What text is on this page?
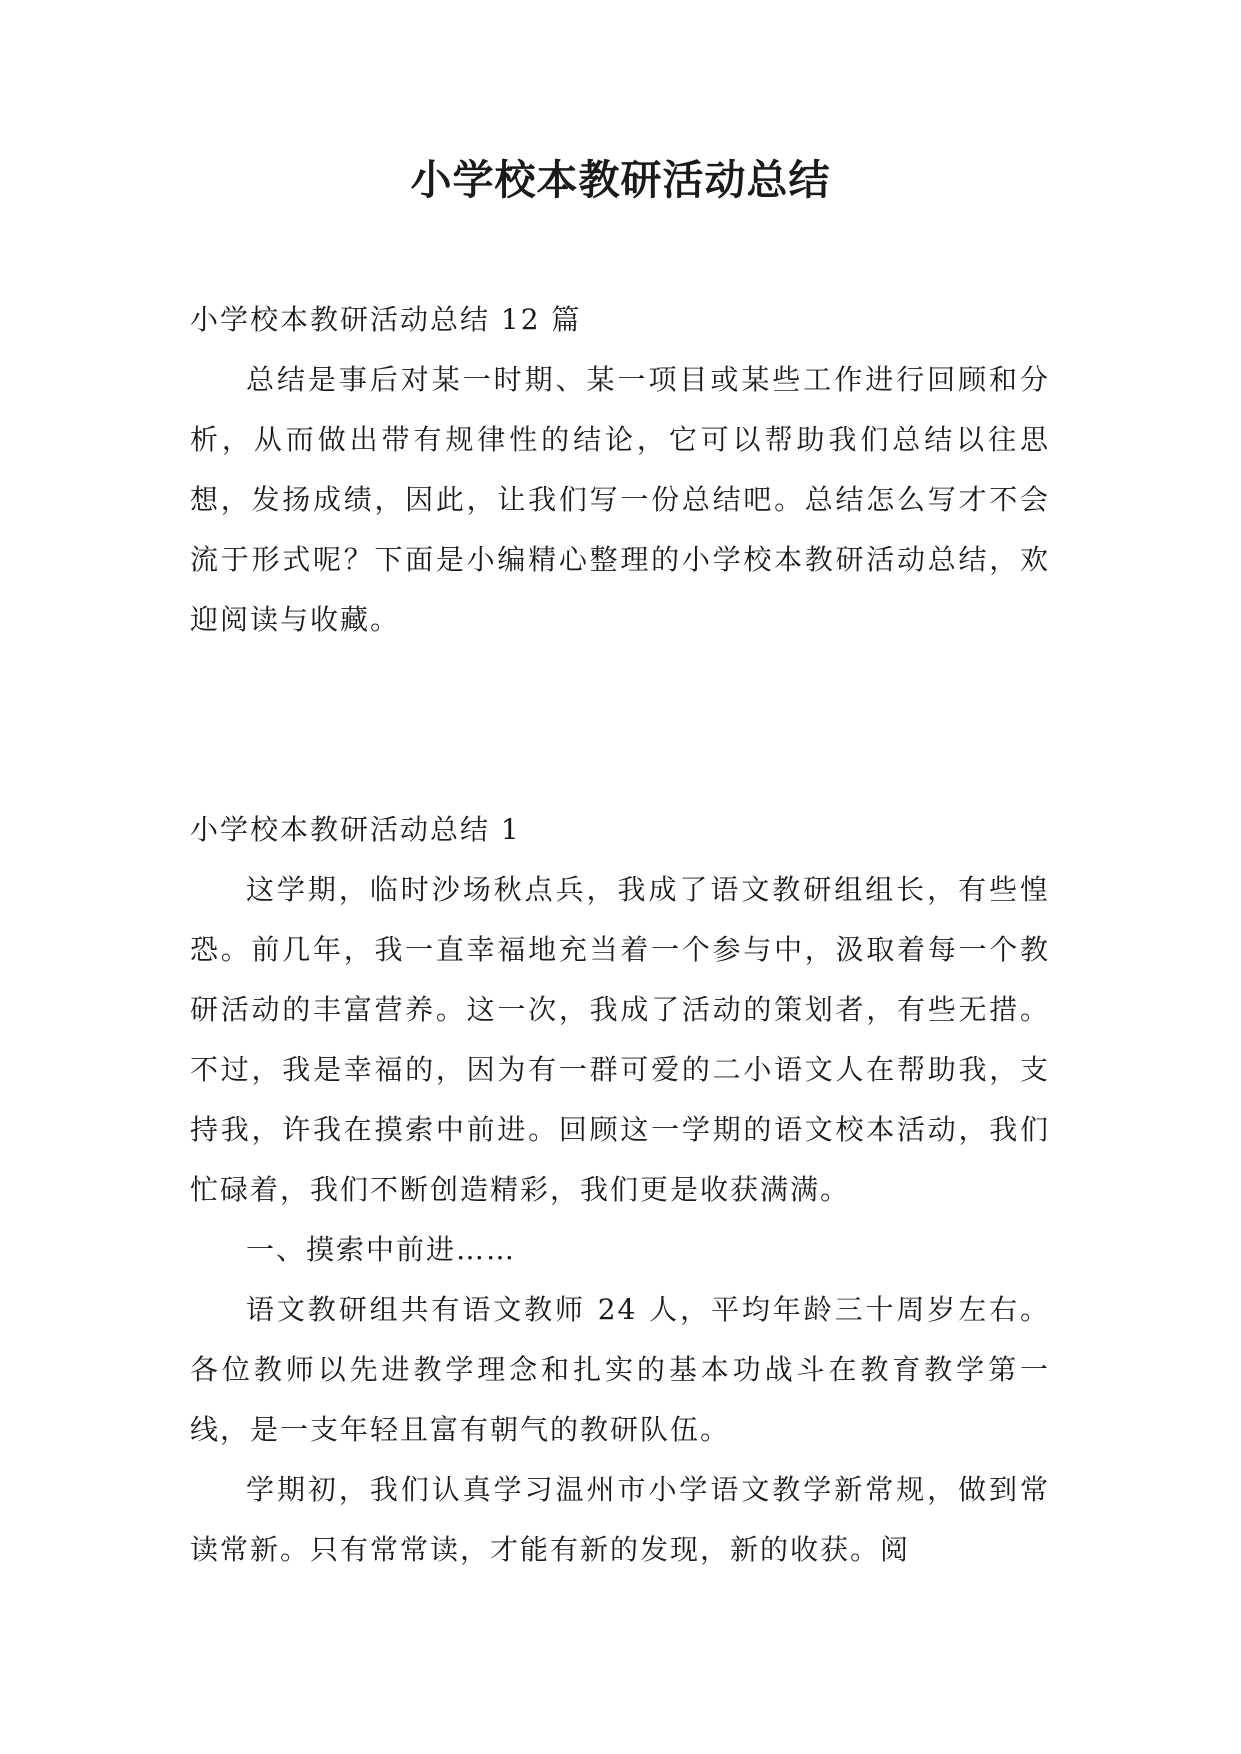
小学校本教研活动总结

小学校本教研活动总结 12 篇

总结是事后对某一时期、某一项目或某些工作进行回顾和分析，从而做出带有规律性的结论，它可以帮助我们总结以往思想，发扬成绩，因此，让我们写一份总结吧。总结怎么写才不会流于形式呢？下面是小编精心整理的小学校本教研活动总结，欢迎阅读与收藏。

小学校本教研活动总结 1

这学期，临时沙场秋点兵，我成了语文教研组组长，有些惶恐。前几年，我一直幸福地充当着一个参与中，汲取着每一个教研活动的丰富营养。这一次，我成了活动的策划者，有些无措。不过，我是幸福的，因为有一群可爱的二小语文人在帮助我，支持我，许我在摸索中前进。回顾这一学期的语文校本活动，我们忙碌着，我们不断创造精彩，我们更是收获满满。

一、摸索中前进……

语文教研组共有语文教师 24 人，平均年龄三十周岁左右。各位教师以先进教学理念和扎实的基本功战斗在教育教学第一线，是一支年轻且富有朝气的教研队伍。

学期初，我们认真学习温州市小学语文教学新常规，做到常读常新。只有常常读，才能有新的发现，新的收获。阅
